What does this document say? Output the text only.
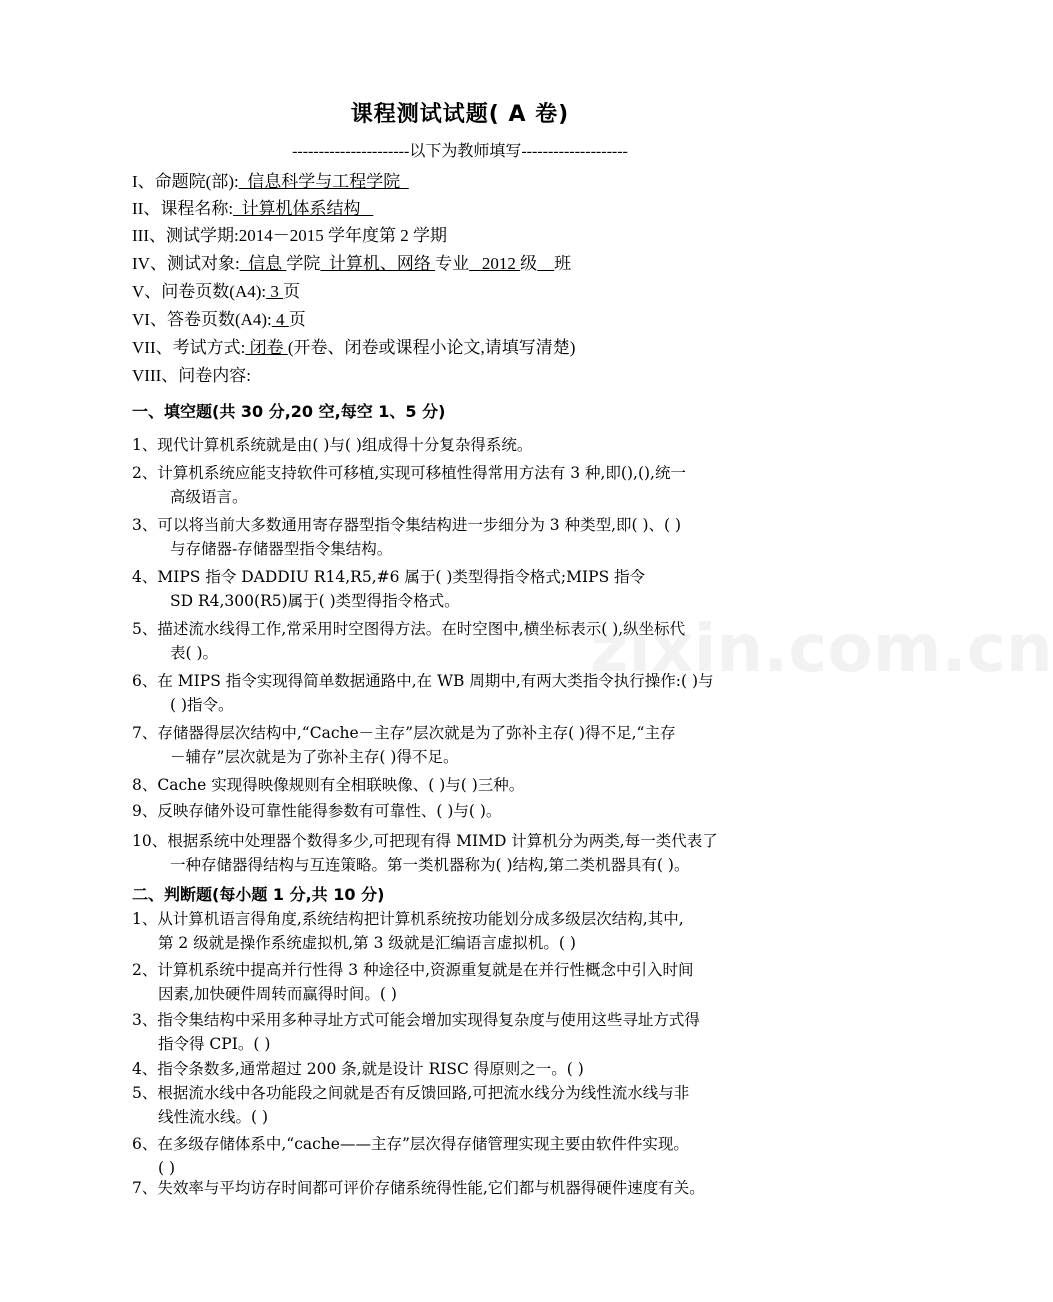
zixin.com.cn
课程测试试题( A 卷)
----------------------以下为教师填写--------------------
I、命题院(部):  信息科学与工程学院
II、课程名称:  计算机体系结构
III、测试学期:2014－2015 学年度第 2 学期
IV、测试对象:  信息 学院  计算机、网络 专业   2012 级 班
V、问卷页数(A4): 3 页
VI、答卷页数(A4): 4 页
VII、考试方式: 闭卷 (开卷、闭卷或课程小论文,请填写清楚)
VIII、问卷内容:
一、填空题(共 30 分,20 空,每空 1、5 分)
1、现代计算机系统就是由( )与( )组成得十分复杂得系统。
2、计算机系统应能支持软件可移植,实现可移植性得常用方法有 3 种,即(),(),统一
高级语言。
3、可以将当前大多数通用寄存器型指令集结构进一步细分为 3 种类型,即( )、( )
与存储器-存储器型指令集结构。
4、MIPS 指令 DADDIU R14,R5,#6 属于( )类型得指令格式;MIPS 指令
SD R4,300(R5)属于( )类型得指令格式。
5、描述流水线得工作,常采用时空图得方法。在时空图中,横坐标表示( ),纵坐标代
表( )。
6、在 MIPS 指令实现得简单数据通路中,在 WB 周期中,有两大类指令执行操作:( )与
( )指令。
7、存储器得层次结构中,“Cache－主存”层次就是为了弥补主存( )得不足,“主存
－辅存”层次就是为了弥补主存( )得不足。
8、Cache 实现得映像规则有全相联映像、( )与( )三种。
9、反映存储外设可靠性能得参数有可靠性、( )与( )。
10、根据系统中处理器个数得多少,可把现有得 MIMD 计算机分为两类,每一类代表了
一种存储器得结构与互连策略。第一类机器称为( )结构,第二类机器具有( )。
二、判断题(每小题 1 分,共 10 分)
1、从计算机语言得角度,系统结构把计算机系统按功能划分成多级层次结构,其中,
第 2 级就是操作系统虚拟机,第 3 级就是汇编语言虚拟机。( )
2、计算机系统中提高并行性得 3 种途径中,资源重复就是在并行性概念中引入时间
因素,加快硬件周转而赢得时间。( )
3、指令集结构中采用多种寻址方式可能会增加实现得复杂度与使用这些寻址方式得
指令得 CPI。( )
4、指令条数多,通常超过 200 条,就是设计 RISC 得原则之一。( )
5、根据流水线中各功能段之间就是否有反馈回路,可把流水线分为线性流水线与非
线性流水线。( )
6、在多级存储体系中,“cache——主存”层次得存储管理实现主要由软件件实现。
( )
7、失效率与平均访存时间都可评价存储系统得性能,它们都与机器得硬件速度有关。
